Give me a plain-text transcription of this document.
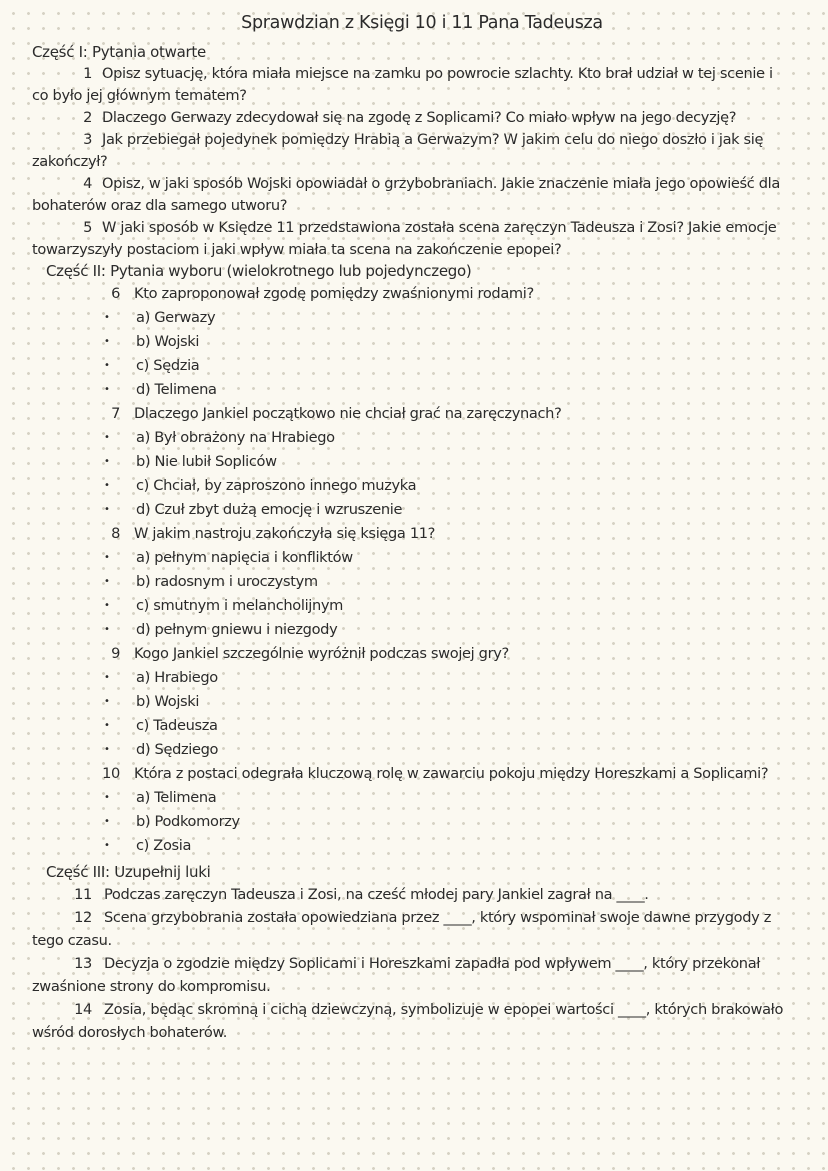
Sprawdzian z Księgi 10 i 11 Pana Tadeusza

Część I: Pytania otwarte

1 Opisz sytuację, która miała miejsce na zamku po powrocie szlachty. Kto brał udział w tej scenie i co było jej głównym tematem?

2 Dlaczego Gerwazy zdecydował się na zgodę z Soplicami? Co miało wpływ na jego decyzję?

3 Jak przebiegał pojedynek pomiędzy Hrabią a Gerwazym? W jakim celu do niego doszło i jak się zakończył?

4 Opisz, w jaki sposób Wojski opowiadał o grzybobraniach. Jakie znaczenie miała jego opowieść dla bohaterów oraz dla samego utworu?

5 W jaki sposób w Księdze 11 przedstawiona została scena zaręczyn Tadeusza i Zosi? Jakie emocje towarzyszyły postaciom i jaki wpływ miała ta scena na zakończenie epopei?

Część II: Pytania wyboru (wielokrotnego lub pojedynczego)

6 Kto zaproponował zgodę pomiędzy zwaśnionymi rodami?

• a) Gerwazy
• b) Wojski
• c) Sędzia
• d) Telimena

7 Dlaczego Jankiel początkowo nie chciał grać na zaręczynach?

• a) Był obrażony na Hrabiego
• b) Nie lubił Sopliców
• c) Chciał, by zaproszono innego muzyka
• d) Czuł zbyt dużą emocję i wzruszenie

8 W jakim nastroju zakończyła się księga 11?

• a) pełnym napięcia i konfliktów
• b) radosnym i uroczystym
• c) smutnym i melancholijnym
• d) pełnym gniewu i niezgody

9 Kogo Jankiel szczególnie wyróżnił podczas swojej gry?

• a) Hrabiego
• b) Wojski
• c) Tadeusza
• d) Sędziego

10 Która z postaci odegrała kluczową rolę w zawarciu pokoju między Horeszkami a Soplicami?

• a) Telimena
• b) Podkomorzy
• c) Zosia

Część III: Uzupełnij luki

11 Podczas zaręczyn Tadeusza i Zosi, na cześć młodej pary Jankiel zagrał na ____.

12 Scena grzybobrania została opowiedziana przez ____, który wspominał swoje dawne przygody z tego czasu.

13 Decyzja o zgodzie między Soplicami i Horeszkami zapadła pod wpływem ____, który przekonał zwaśnione strony do kompromisu.

14 Zosia, będąc skromną i cichą dziewczyną, symbolizuje w epopei wartości ____, których brakowało wśród dorosłych bohaterów.
